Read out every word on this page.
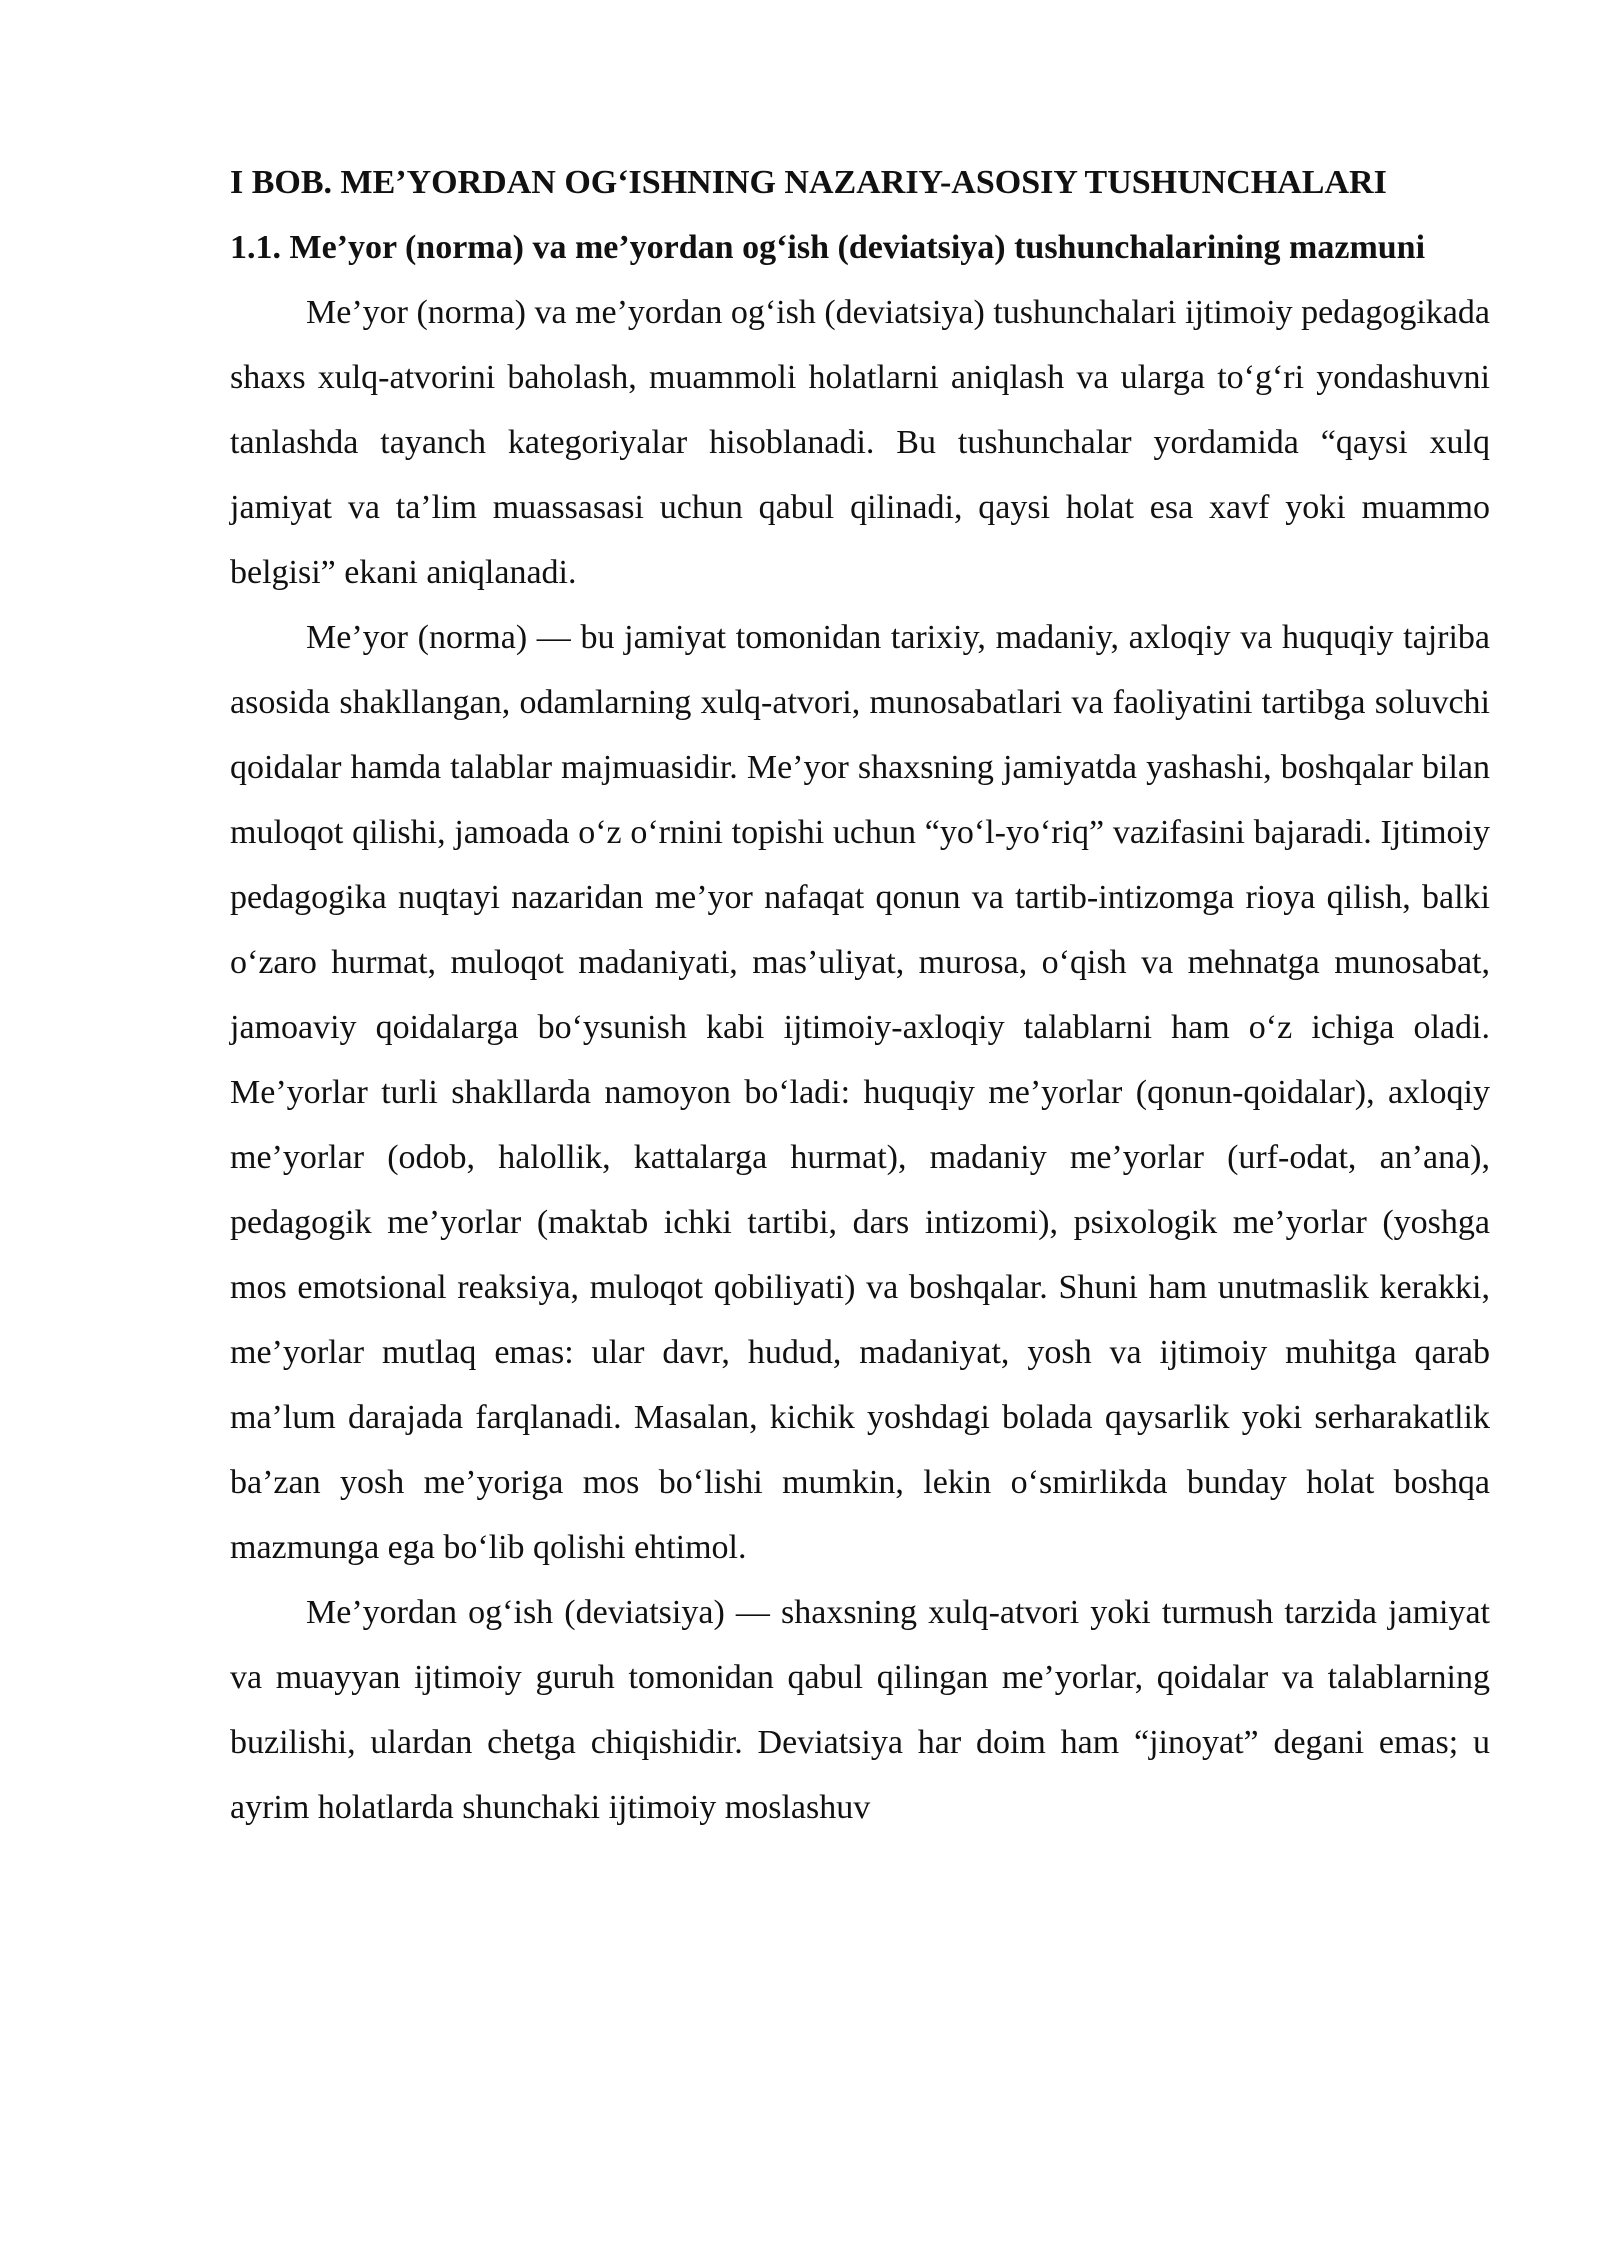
I BOB. ME’YORDAN OG‘ISHNING NAZARIY-ASOSIY TUSHUNCHALARI

1.1. Me’yor (norma) va me’yordan og‘ish (deviatsiya) tushunchalarining mazmuni

Me’yor (norma) va me’yordan og‘ish (deviatsiya) tushunchalari ijtimoiy pedagogikada shaxs xulq-atvorini baholash, muammoli holatlarni aniqlash va ularga to‘g‘ri yondashuvni tanlashda tayanch kategoriyalar hisoblanadi. Bu tushunchalar yordamida “qaysi xulq jamiyat va ta’lim muassasasi uchun qabul qilinadi, qaysi holat esa xavf yoki muammo belgisi” ekani aniqlanadi.

Me’yor (norma) — bu jamiyat tomonidan tarixiy, madaniy, axloqiy va huquqiy tajriba asosida shakllangan, odamlarning xulq-atvori, munosabatlari va faoliyatini tartibga soluvchi qoidalar hamda talablar majmuasidir. Me’yor shaxsning jamiyatda yashashi, boshqalar bilan muloqot qilishi, jamoada o‘z o‘rnini topishi uchun “yo‘l-yo‘riq” vazifasini bajaradi. Ijtimoiy pedagogika nuqtayi nazaridan me’yor nafaqat qonun va tartib-intizomga rioya qilish, balki o‘zaro hurmat, muloqot madaniyati, mas’uliyat, murosa, o‘qish va mehnatga munosabat, jamoaviy qoidalarga bo‘ysunish kabi ijtimoiy-axloqiy talablarni ham o‘z ichiga oladi. Me’yorlar turli shakllarda namoyon bo‘ladi: huquqiy me’yorlar (qonun-qoidalar), axloqiy me’yorlar (odob, halollik, kattalarga hurmat), madaniy me’yorlar (urf-odat, an’ana), pedagogik me’yorlar (maktab ichki tartibi, dars intizomi), psixologik me’yorlar (yoshga mos emotsional reaksiya, muloqot qobiliyati) va boshqalar. Shuni ham unutmaslik kerakki, me’yorlar mutlaq emas: ular davr, hudud, madaniyat, yosh va ijtimoiy muhitga qarab ma’lum darajada farqlanadi. Masalan, kichik yoshdagi bolada qaysarlik yoki serharakatlik ba’zan yosh me’yoriga mos bo‘lishi mumkin, lekin o‘smirlikda bunday holat boshqa mazmunga ega bo‘lib qolishi ehtimol.

Me’yordan og‘ish (deviatsiya) — shaxsning xulq-atvori yoki turmush tarzida jamiyat va muayyan ijtimoiy guruh tomonidan qabul qilingan me’yorlar, qoidalar va talablarning buzilishi, ulardan chetga chiqishidir. Deviatsiya har doim ham “jinoyat” degani emas; u ayrim holatlarda shunchaki ijtimoiy moslashuv
